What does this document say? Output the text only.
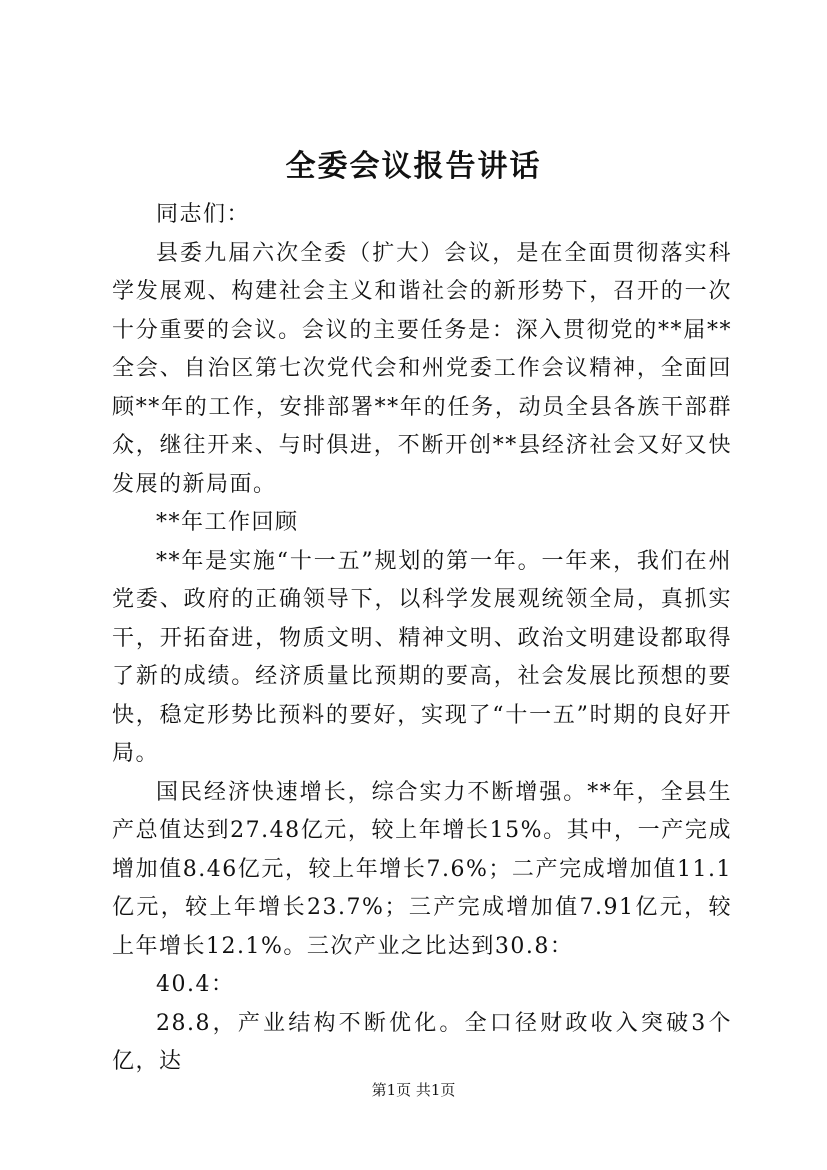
全委会议报告讲话

同志们：

县委九届六次全委（扩大）会议，是在全面贯彻落实科学发展观、构建社会主义和谐社会的新形势下，召开的一次十分重要的会议。会议的主要任务是：深入贯彻党的**届**全会、自治区第七次党代会和州党委工作会议精神，全面回顾**年的工作，安排部署**年的任务，动员全县各族干部群众，继往开来、与时俱进，不断开创**县经济社会又好又快发展的新局面。

**年工作回顾

**年是实施“十一五”规划的第一年。一年来，我们在州党委、政府的正确领导下，以科学发展观统领全局，真抓实干，开拓奋进，物质文明、精神文明、政治文明建设都取得了新的成绩。经济质量比预期的要高，社会发展比预想的要快，稳定形势比预料的要好，实现了“十一五”时期的良好开局。

国民经济快速增长，综合实力不断增强。**年，全县生产总值达到27.48亿元，较上年增长15%。其中，一产完成增加值8.46亿元，较上年增长7.6%；二产完成增加值11.1亿元，较上年增长23.7%；三产完成增加值7.91亿元，较上年增长12.1%。三次产业之比达到30.8：

40.4：

28.8，产业结构不断优化。全口径财政收入突破3个亿，达

第1页 共1页
